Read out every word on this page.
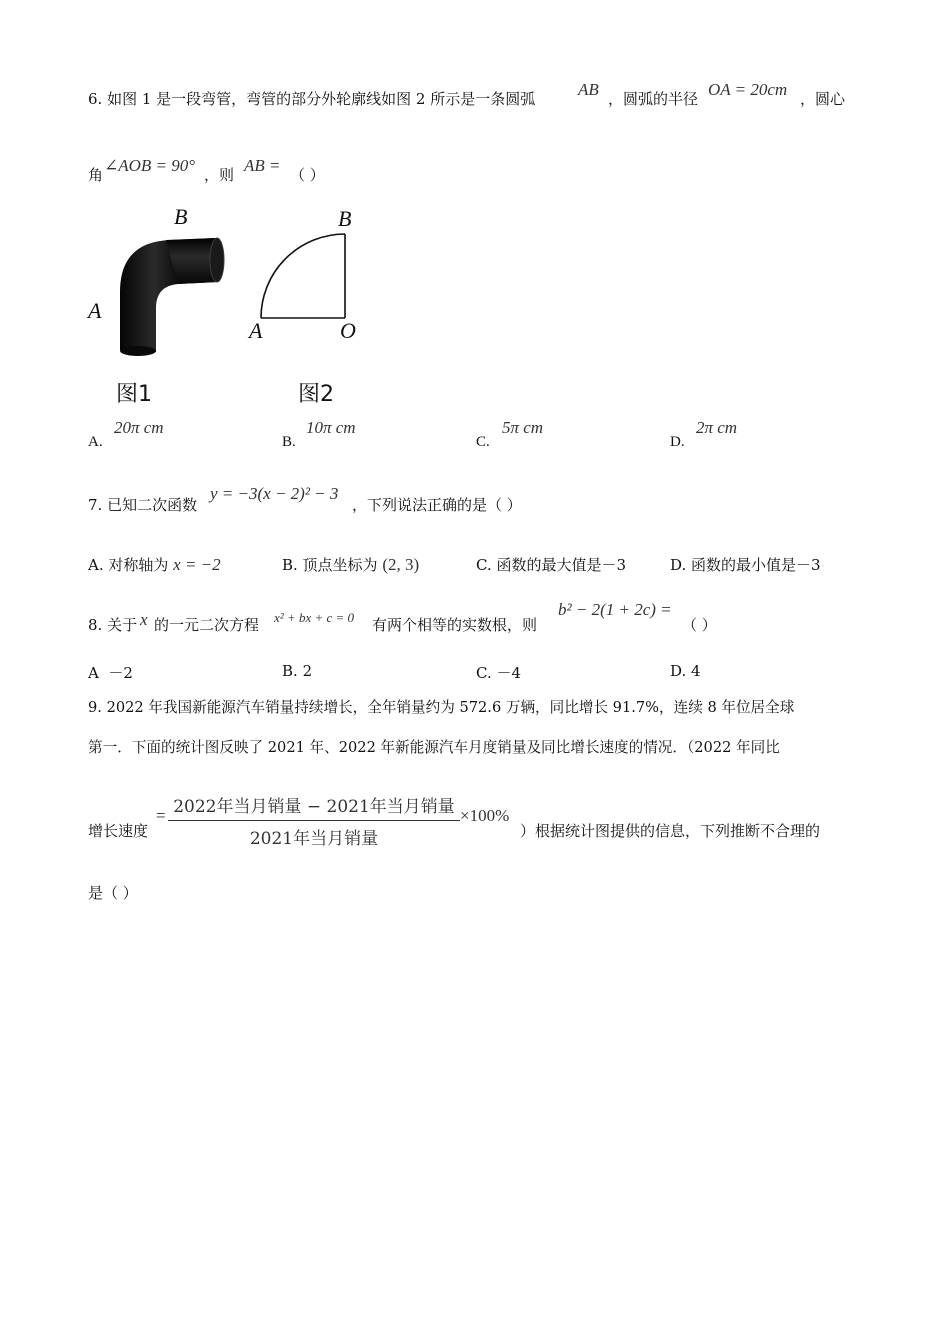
6. 如图 1 是一段弯管，弯管的部分外轮廓线如图 2 所示是一条圆弧	AB ，圆弧的半径 OA = 20cm ，圆心
角 ∠AOB = 90° ，则 AB = （ ）
B
A
图1
B
A	O
图2
A.
20π cm
B.
10π cm
C.
5π cm
D.
2π cm
7. 已知二次函数
y = −3(x − 2)² − 3
，下列说法正确的是（ ）
A. 对称轴为 x = −2	B. 顶点坐标为 (2, 3)	C. 函数的最大值是－3	D. 函数的最小值是－3
8. 关于 x 的一元二次方程 x² + bx + c = 0 有两个相等的实数根，则
b² − 2(1 + 2c) =
（ ）
A －2	B. 2	C. －4	D. 4
9. 2022 年我国新能源汽车销量持续增长，全年销量约为 572.6 万辆，同比增长 91.7%，连续 8 年位居全球
第一．下面的统计图反映了 2021 年、2022 年新能源汽车月度销量及同比增长速度的情况．（2022 年同比
增长速度
= 2022年当月销量 − 2021年当月销量
2021年当月销量
×100%
）根据统计图提供的信息，下列推断不合理的
是（ ）
